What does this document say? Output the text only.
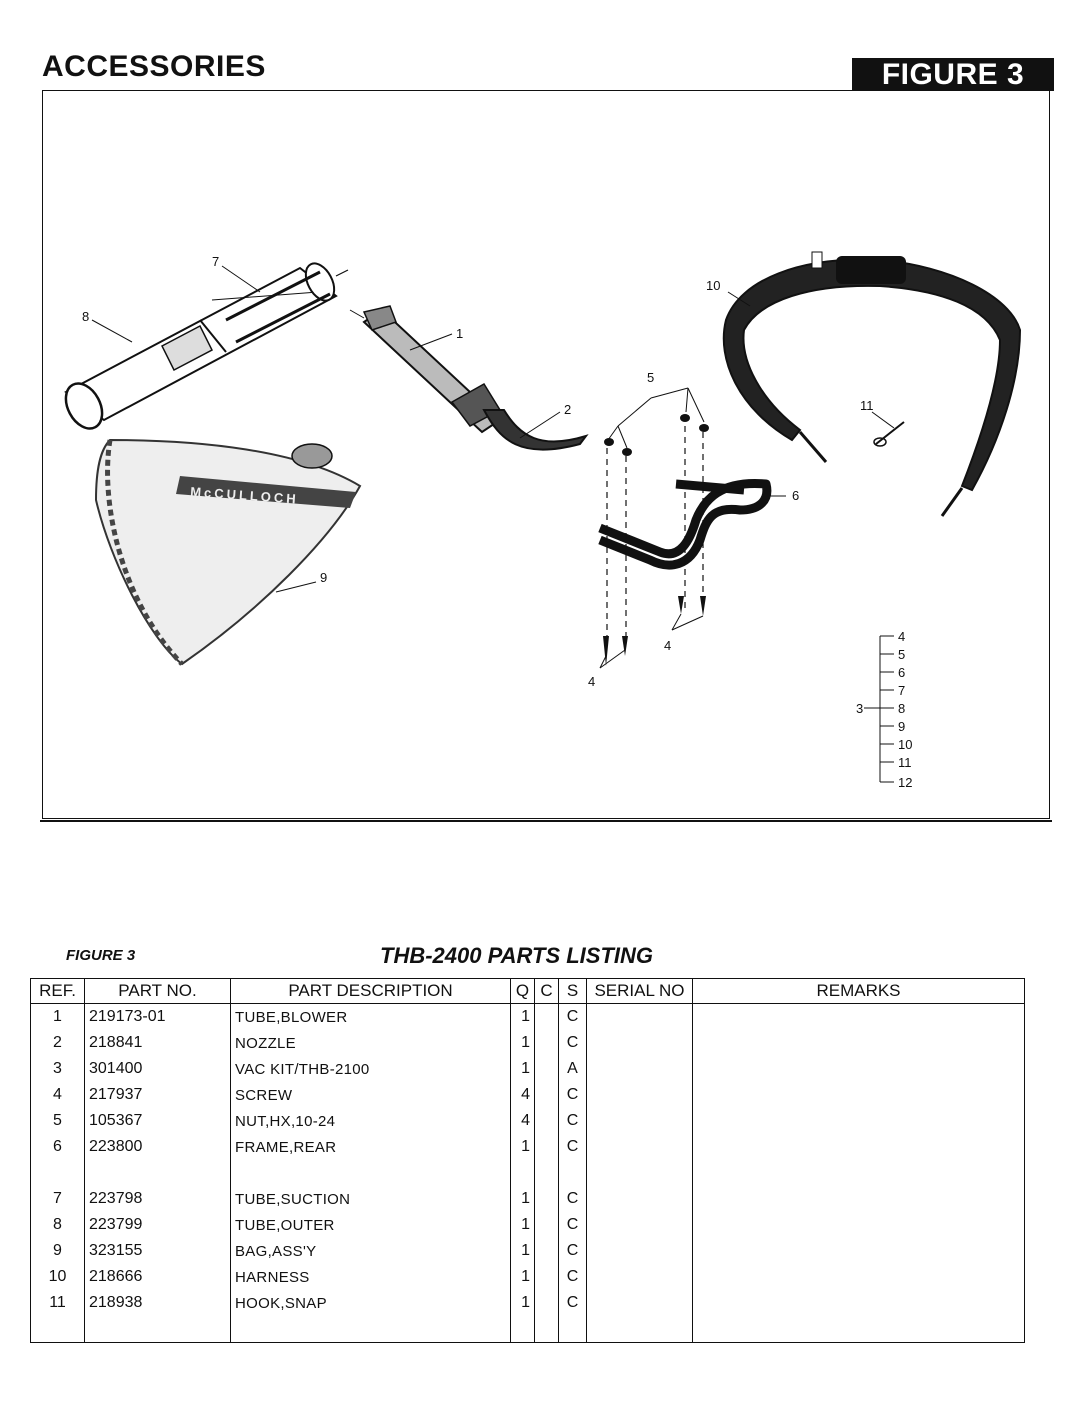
ACCESSORIES	FIGURE 3
McCULLOCH
1
2
4
4
5
6
7
8
9
10
11
3
4
5
6
7
8
9
10
11
12
FIGURE 3	THB-2400 PARTS LISTING
REF.	PART NO.	PART DESCRIPTION	Q	C	S	SERIAL NO	REMARKS
1	219173-01	TUBE,BLOWER	1		C		
2	218841	NOZZLE	1		C		
3	301400	VAC KIT/THB-2100	1		A		
4	217937	SCREW	4		C		
5	105367	NUT,HX,10-24	4		C		
6	223800	FRAME,REAR	1		C		

7	223798	TUBE,SUCTION	1		C		
8	223799	TUBE,OUTER	1		C		
9	323155	BAG,ASS'Y	1		C		
10	218666	HARNESS	1		C		
11	218938	HOOK,SNAP	1		C		
